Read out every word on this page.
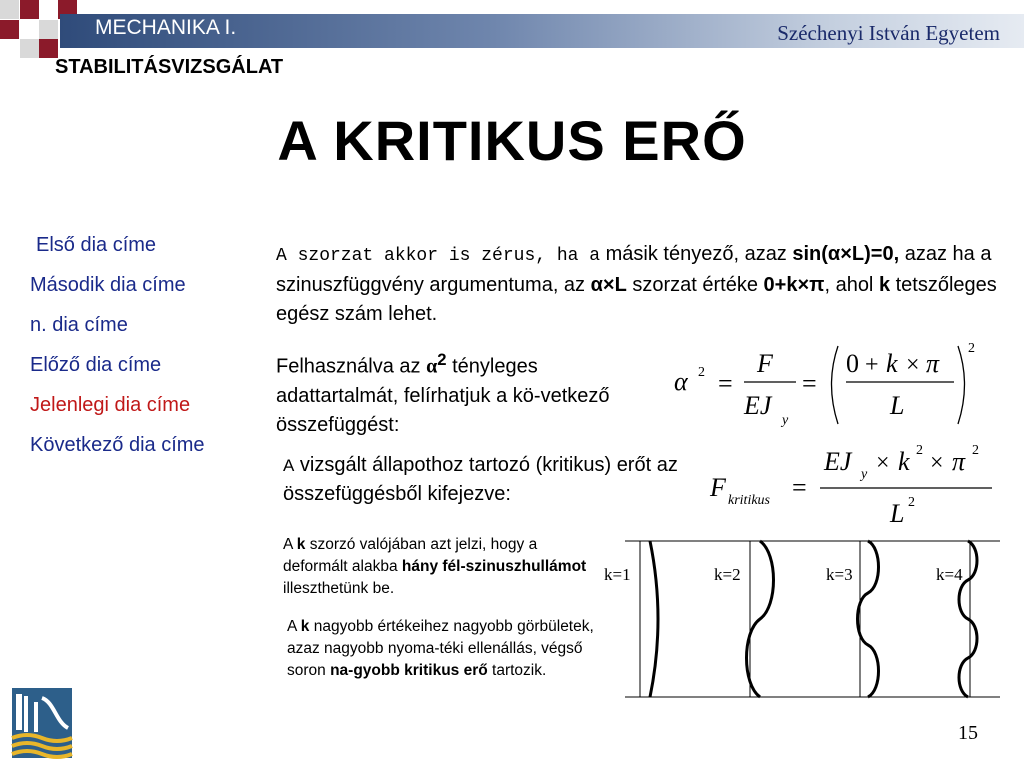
MECHANIKA I.	Széchenyi István Egyetem
STABILITÁSVIZSGÁLAT
A KRITIKUS ERŐ
Első dia címe
Második dia címe
n. dia címe
Előző dia címe
Jelenlegi dia címe
Következő dia címe
A szorzat akkor is zérus, ha a másik tényező, azaz sin(α×L)=0, azaz ha a szinuszfüggvény argumentuma, az α×L szorzat értéke 0+k×π, ahol k tetszőleges egész szám lehet.
Felhasználva az $\alpha^2$ tényleges adattartalmát, felírhatjuk a kö-vetkező összefüggést:
α 2 =
F
EJ
y
=
0 + k × π
L
2
A vizsgált állapothoz tartozó (kritikus) erőt az összefüggésből kifejezve:	F kritikus =
EJ y × k 2 × π 2
L 2
A k szorzó valójában azt jelzi, hogy a deformált alakba hány fél-szinuszhullámot illeszthetünk be.
A k nagyobb értékeihez nagyobb görbületek, azaz nagyobb nyoma-téki ellenállás, végső soron na-gyobb kritikus erő tartozik.
k=1	k=2	k=3	k=4
15
